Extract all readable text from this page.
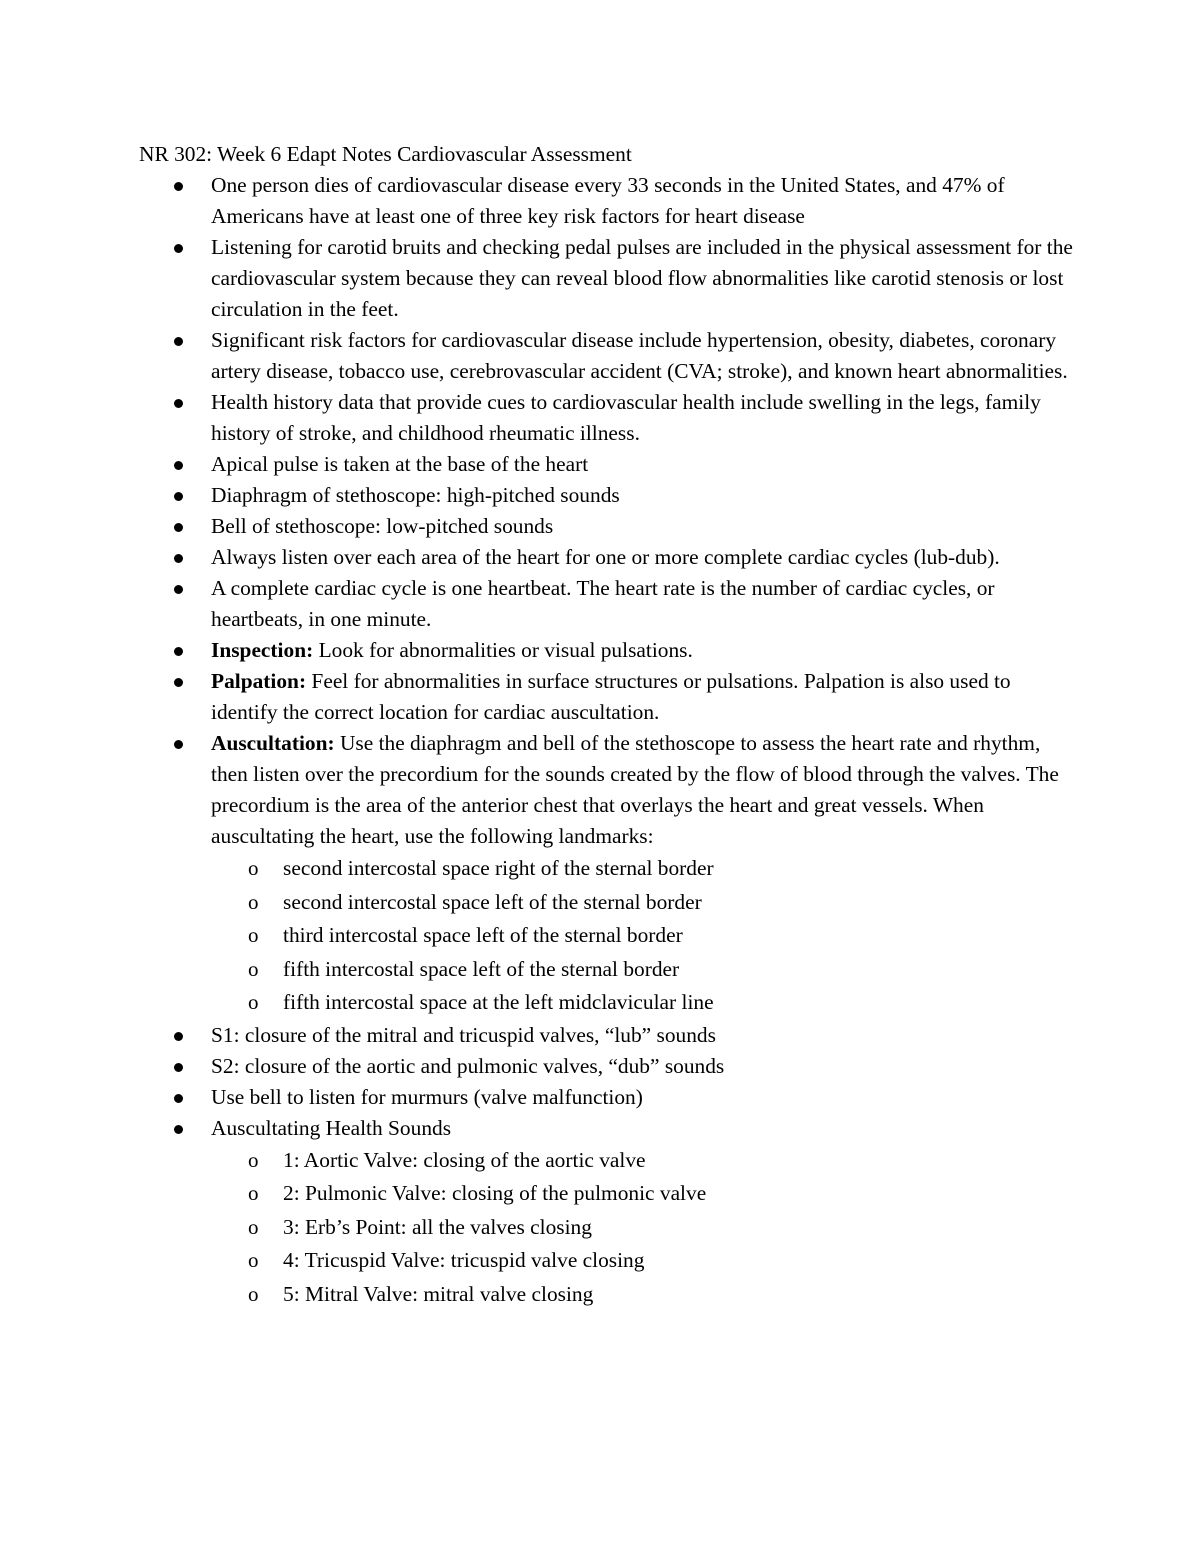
NR 302: Week 6 Edapt Notes Cardiovascular Assessment
One person dies of cardiovascular disease every 33 seconds in the United States, and 47% of Americans have at least one of three key risk factors for heart disease
Listening for carotid bruits and checking pedal pulses are included in the physical assessment for the cardiovascular system because they can reveal blood flow abnormalities like carotid stenosis or lost circulation in the feet.
Significant risk factors for cardiovascular disease include hypertension, obesity, diabetes, coronary artery disease, tobacco use, cerebrovascular accident (CVA; stroke), and known heart abnormalities.
Health history data that provide cues to cardiovascular health include swelling in the legs, family history of stroke, and childhood rheumatic illness.
Apical pulse is taken at the base of the heart
Diaphragm of stethoscope: high-pitched sounds
Bell of stethoscope: low-pitched sounds
Always listen over each area of the heart for one or more complete cardiac cycles (lub-dub).
A complete cardiac cycle is one heartbeat. The heart rate is the number of cardiac cycles, or heartbeats, in one minute.
Inspection: Look for abnormalities or visual pulsations.
Palpation: Feel for abnormalities in surface structures or pulsations. Palpation is also used to identify the correct location for cardiac auscultation.
Auscultation: Use the diaphragm and bell of the stethoscope to assess the heart rate and rhythm, then listen over the precordium for the sounds created by the flow of blood through the valves. The precordium is the area of the anterior chest that overlays the heart and great vessels. When auscultating the heart, use the following landmarks:
o second intercostal space right of the sternal border
o second intercostal space left of the sternal border
o third intercostal space left of the sternal border
o fifth intercostal space left of the sternal border
o fifth intercostal space at the left midclavicular line
S1: closure of the mitral and tricuspid valves, “lub” sounds
S2: closure of the aortic and pulmonic valves, “dub” sounds
Use bell to listen for murmurs (valve malfunction)
Auscultating Health Sounds
o 1: Aortic Valve: closing of the aortic valve
o 2: Pulmonic Valve: closing of the pulmonic valve
o 3: Erb’s Point: all the valves closing
o 4: Tricuspid Valve: tricuspid valve closing
o 5: Mitral Valve: mitral valve closing
